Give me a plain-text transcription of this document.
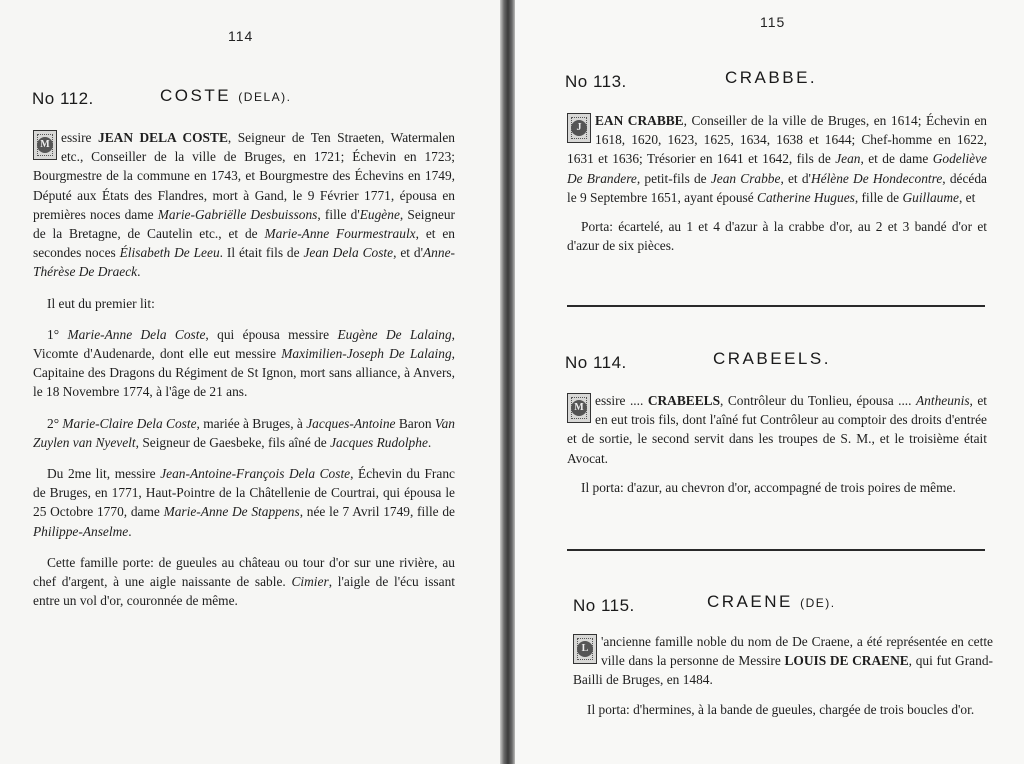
114
No 112.	COSTE (DELA).

M essire JEAN DELA COSTE, Seigneur de Ten Straeten, Watermalen etc., Conseiller de la ville de Bruges, en 1721; Échevin en 1723; Bourgmestre de la commune en 1743, et Bourgmestre des Échevins en 1749, Député aux États des Flandres, mort à Gand, le 9 Février 1771, épousa en premières noces dame Marie-Gabriëlle Desbuissons, fille d'Eugène, Seigneur de la Bretagne, de Cautelin etc., et de Marie-Anne Fourmestraulx, et en secondes noces Élisabeth De Leeu. Il était fils de Jean Dela Coste, et d'Anne-Thérèse De Draeck.

Il eut du premier lit:

1° Marie-Anne Dela Coste, qui épousa messire Eugène De Lalaing, Vicomte d'Audenarde, dont elle eut messire Maximilien-Joseph De Lalaing, Capitaine des Dragons du Régiment de St Ignon, mort sans alliance, à Anvers, le 18 Novembre 1774, à l'âge de 21 ans.

2° Marie-Claire Dela Coste, mariée à Bruges, à Jacques-Antoine Baron Van Zuylen van Nyevelt, Seigneur de Gaesbeke, fils aîné de Jacques Rudolphe.

Du 2me lit, messire Jean-Antoine-François Dela Coste, Échevin du Franc de Bruges, en 1771, Haut-Pointre de la Châtellenie de Courtrai, qui épousa le 25 Octobre 1770, dame Marie-Anne De Stappens, née le 7 Avril 1749, fille de Philippe-Anselme.

Cette famille porte: de gueules au château ou tour d'or sur une rivière, au chef d'argent, à une aigle naissante de sable. Cimier, l'aigle de l'écu issant entre un vol d'or, couronnée de même.

115
No 113.	CRABBE.

J	EAN CRABBE, Conseiller de la ville de Bruges, en 1614; Échevin en 1618, 1620, 1623, 1625, 1634, 1638 et 1644; Chef-homme en 1622, 1631 et 1636; Trésorier en 1641 et 1642, fils de Jean, et de dame Godeliève De Brandere, petit-fils de Jean Crabbe, et d'Hélène De Hondecontre, décéda le 9 Septembre 1651, ayant épousé Catherine Hugues, fille de Guillaume, et

Porta: écartelé, au 1 et 4 d'azur à la crabbe d'or, au 2 et 3 bandé d'or et d'azur de six pièces.

No 114.	CRABEELS.

M essire .... CRABEELS, Contrôleur du Tonlieu, épousa .... Antheunis, et en eut trois fils, dont l'aîné fut Contrôleur au comptoir des droits d'entrée et de sortie, le second servit dans les troupes de S. M., et le troisième était Avocat.

Il porta: d'azur, au chevron d'or, accompagné de trois poires de même.

No 115.	CRAENE (DE).

L 'ancienne famille noble du nom de De Craene, a été représentée en cette ville dans la personne de Messire LOUIS DE CRAENE, qui fut Grand-Bailli de Bruges, en 1484.

Il porta: d'hermines, à la bande de gueules, chargée de trois boucles d'or.
